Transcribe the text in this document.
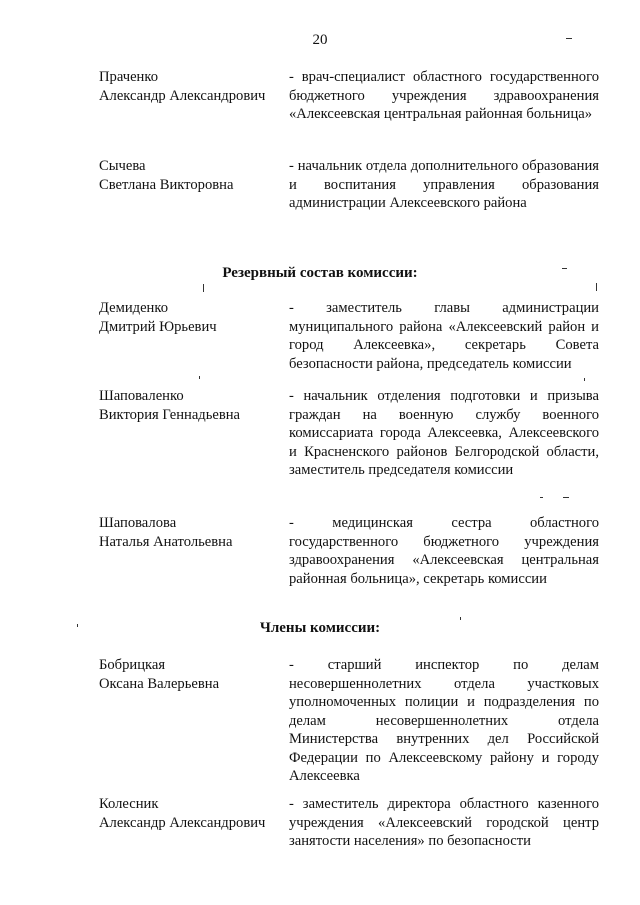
20
Праченко
Александр Александрович
- врач-специалист областного государственного бюджетного учреждения здравоохранения «Алексеевская центральная районная больница»
Сычева
Светлана Викторовна
- начальник отдела дополнительного образования и воспитания управления образования администрации Алексеевского района
Резервный состав комиссии:
Демиденко
Дмитрий Юрьевич
- заместитель главы администрации муниципального района «Алексеевский район и город Алексеевка», секретарь Совета безопасности района, председатель комиссии
Шаповаленко
Виктория Геннадьевна
- начальник отделения подготовки и призыва граждан на военную службу военного комиссариата города Алексеевка, Алексеевского и Красненского районов Белгородской области, заместитель председателя комиссии
Шаповалова
Наталья Анатольевна
- медицинская сестра областного государственного бюджетного учреждения здравоохранения «Алексеевская центральная районная больница», секретарь комиссии
Члены комиссии:
Бобрицкая
Оксана Валерьевна
- старший инспектор по делам несовершеннолетних отдела участковых уполномоченных полиции и подразделения по делам несовершеннолетних отдела Министерства внутренних дел Российской Федерации по Алексеевскому району и городу Алексеевка
Колесник
Александр Александрович
- заместитель директора областного казенного учреждения «Алексеевский городской центр занятости населения» по безопасности
